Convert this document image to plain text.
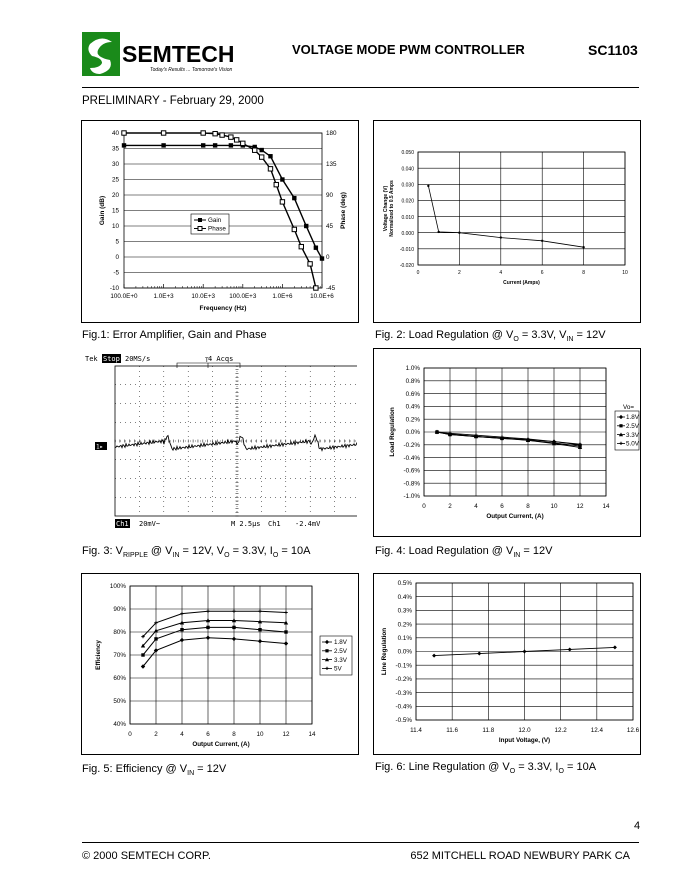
SEMTECH
Today's Results ... Tomorrow's Vision
VOLTAGE MODE PWM CONTROLLER	SC1103
PRELIMINARY - February 29, 2000
-10
-5
0
5
10
15
20
25
30
35
40	180
135
90
45
0
-45
100.0E+0	1.0E+3	10.0E+3 100.0E+3	1.0E+6	10.0E+6
Frequency (Hz)
Gain (dB)	Phase (deg)
Gain
Phase
Fig.1: Error Amplifier, Gain and Phase
-0.020
-0.010
0.000
0.010
0.020
0.030
0.040
0.050
0	2	4	6	8	10
Current (Amps)
Voltage Change (V) Normalized to 0.5 Amps
Fig. 2: Load Regulation @ $V_O = 3.3V$, $V_{IN} = 12V$
Tek Stop 20MS/s	4 Acqs
T
1▸
Ch1 20mV~	M 2.5µs Ch1 -2.4mV
Fig. 3: $V_{RIPPLE}$ @ $V_{IN} = 12V$, $V_O = 3.3V$, $I_O = 10A$
1.0%
0.8%
0.6%
0.4%
0.2%
0.0%
-0.2%
-0.4%
-0.6%
-0.8%
-1.0%
0	2	4	6	8	10	12	14
Output Current, (A)
Load Regulation	Vo=
1.8V
2.5V
3.3V
5.0V
Fig. 4: Load Regulation @ $V_{IN} = 12V$
40%
50%
60%
70%
80%
90%
100%
0	2	4	6	8	10	12	14
Output Current, (A)
Efficiency	1.8V
2.5V
3.3V
5V
Fig. 5: Efficiency @ $V_{IN} = 12V$
0.5%
0.4%
0.3%
0.2%
0.1%
0.0%
-0.1%
-0.2%
-0.3%
-0.4%
-0.5%
11.4	11.6	11.8	12.0	12.2	12.4	12.6
Input Voltage, (V)
Line Regulation
Fig. 6: Line Regulation @ $V_O = 3.3V$, $I_O = 10A$
4
© 2000 SEMTECH CORP.	652 MITCHELL ROAD NEWBURY PARK CA
